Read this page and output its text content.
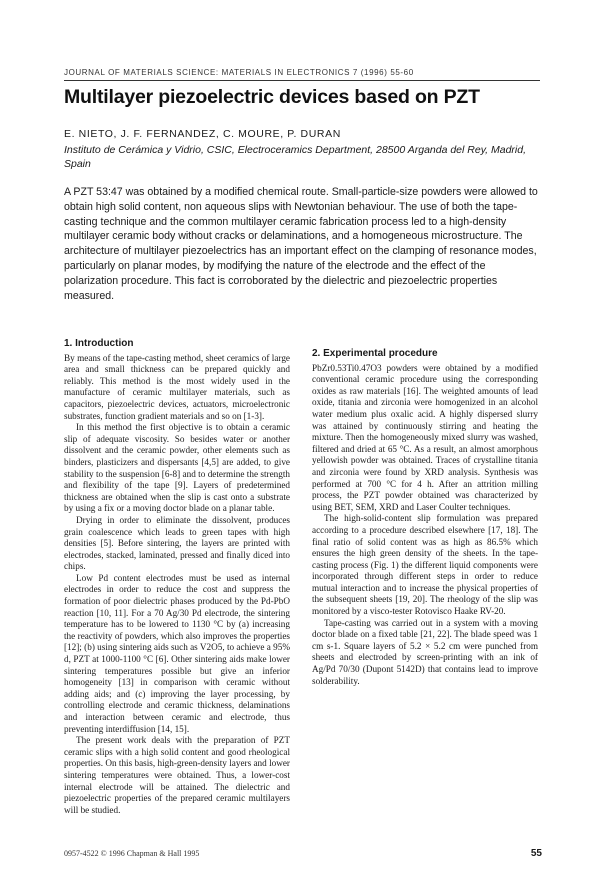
JOURNAL OF MATERIALS SCIENCE: MATERIALS IN ELECTRONICS 7 (1996) 55-60
Multilayer piezoelectric devices based on PZT
E. NIETO, J. F. FERNANDEZ, C. MOURE, P. DURAN
Instituto de Cerámica y Vidrio, CSIC, Electroceramics Department, 28500 Arganda del Rey, Madrid, Spain
A PZT 53:47 was obtained by a modified chemical route. Small-particle-size powders were allowed to obtain high solid content, non aqueous slips with Newtonian behaviour. The use of both the tape-casting technique and the common multilayer ceramic fabrication process led to a high-density multilayer ceramic body without cracks or delaminations, and a homogeneous microstructure. The architecture of multilayer piezoelectrics has an important effect on the clamping of resonance modes, particularly on planar modes, by modifying the nature of the electrode and the effect of the polarization procedure. This fact is corroborated by the dielectric and piezoelectric properties measured.
1. Introduction

By means of the tape-casting method, sheet ceramics of large area and small thickness can be prepared quickly and reliably. This method is the most widely used in the manufacture of ceramic multilayer materials, such as capacitors, piezoelectric devices, actuators, microelectronic substrates, function gradient materials and so on [1-3].

In this method the first objective is to obtain a ceramic slip of adequate viscosity. So besides water or another dissolvent and the ceramic powder, other elements such as binders, plasticizers and dispersants [4,5] are added, to give stability to the suspension [6-8] and to determine the strength and flexibility of the tape [9]. Layers of predetermined thickness are obtained when the slip is cast onto a substrate by using a fix or a moving doctor blade on a planar table.

Drying in order to eliminate the dissolvent, produces grain coalescence which leads to green tapes with high densities [5]. Before sintering, the layers are printed with electrodes, stacked, laminated, pressed and finally diced into chips.

Low Pd content electrodes must be used as internal electrodes in order to reduce the cost and suppress the formation of poor dielectric phases produced by the Pd-PbO reaction [10, 11]. For a 70 Ag/30 Pd electrode, the sintering temperature has to be lowered to 1130 °C by (a) increasing the reactivity of powders, which also improves the properties [12]; (b) using sintering aids such as V2O5, to achieve a 95% d, PZT at 1000-1100 °C [6]. Other sintering aids make lower sintering temperatures possible but give an inferior homogeneity [13] in comparison with ceramic without adding aids; and (c) improving the layer processing, by controlling electrode and ceramic thickness, delaminations and interaction between ceramic and electrode, thus preventing interdiffusion [14, 15].

The present work deals with the preparation of PZT ceramic slips with a high solid content and good rheological properties. On this basis, high-green-density layers and lower sintering temperatures were obtained. Thus, a lower-cost internal electrode will be attained. The dielectric and piezoelectric properties of the prepared ceramic multilayers will be studied.

2. Experimental procedure

PbZr0.53Ti0.47O3 powders were obtained by a modified conventional ceramic procedure using the corresponding oxides as raw materials [16]. The weighted amounts of lead oxide, titania and zirconia were homogenized in an alcohol water medium plus oxalic acid. A highly dispersed slurry was attained by continuously stirring and heating the mixture. Then the homogeneously mixed slurry was washed, filtered and dried at 65 °C. As a result, an almost amorphous yellowish powder was obtained. Traces of crystalline titania and zirconia were found by XRD analysis. Synthesis was performed at 700 °C for 4 h. After an attrition milling process, the PZT powder obtained was characterized by using BET, SEM, XRD and Laser Coulter techniques.

The high-solid-content slip formulation was prepared according to a procedure described elsewhere [17, 18]. The final ratio of solid content was as high as 86.5% which ensures the high green density of the sheets. In the tape-casting process (Fig. 1) the different liquid components were incorporated through different steps in order to reduce mutual interaction and to increase the physical properties of the subsequent sheets [19, 20]. The rheology of the slip was monitored by a visco-tester Rotovisco Haake RV-20.

Tape-casting was carried out in a system with a moving doctor blade on a fixed table [21, 22]. The blade speed was 1 cm s-1. Square layers of 5.2 × 5.2 cm were punched from sheets and electroded by screen-printing with an ink of Ag/Pd 70/30 (Dupont 5142D) that contains lead to improve solderability.

0957-4522 © 1996 Chapman & Hall 1995	55
